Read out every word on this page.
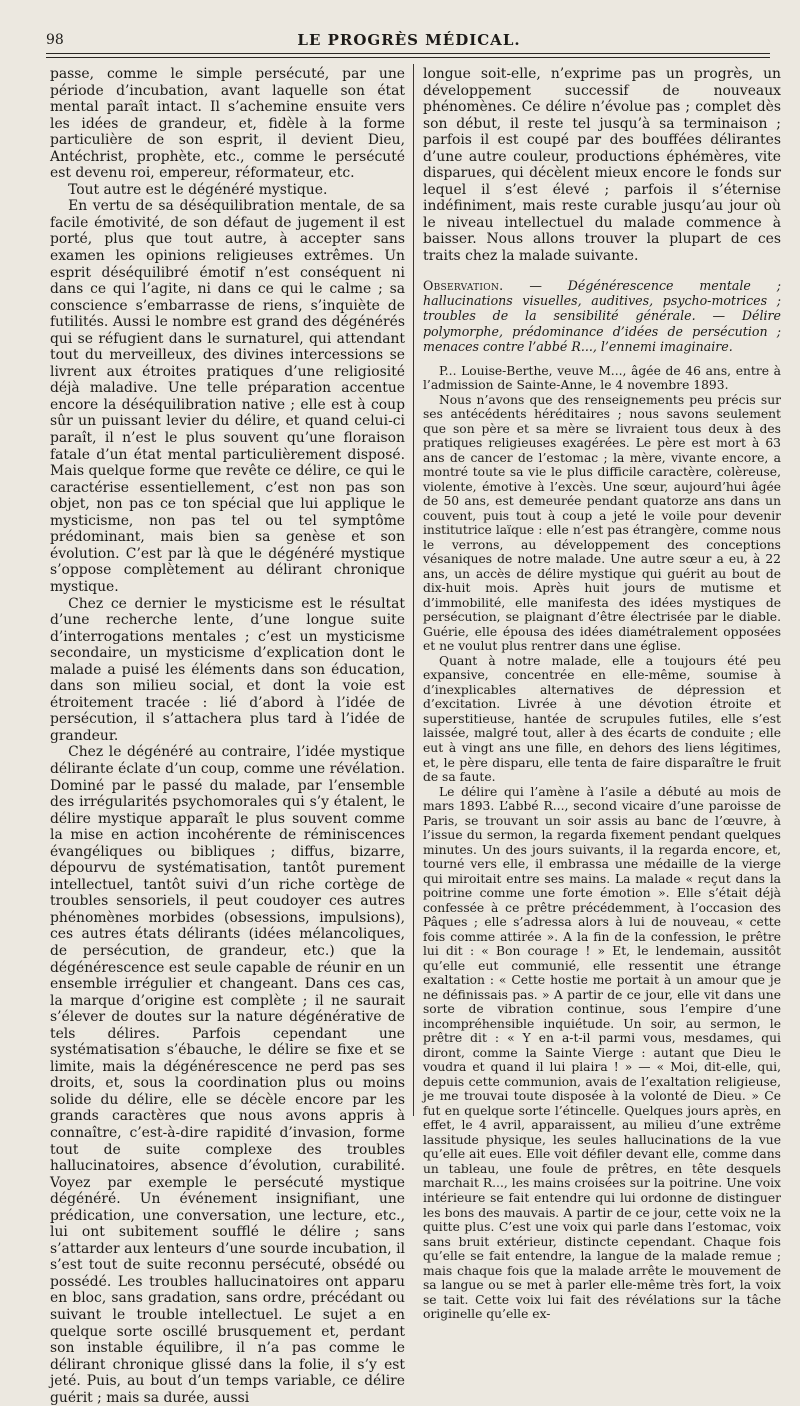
98	LE PROGRÈS MÉDICAL.

passe, comme le simple persécuté, par une période d’incubation, avant laquelle son état mental paraît intact. Il s’achemine ensuite vers les idées de grandeur, et, fidèle à la forme particulière de son esprit, il devient Dieu, Antéchrist, prophète, etc., comme le persécuté est devenu roi, empereur, réformateur, etc.

Tout autre est le dégénéré mystique.

En vertu de sa déséquilibration mentale, de sa facile émotivité, de son défaut de jugement il est porté, plus que tout autre, à accepter sans examen les opinions religieuses extrêmes. Un esprit déséquilibré émotif n’est conséquent ni dans ce qui l’agite, ni dans ce qui le calme ; sa conscience s’embarrasse de riens, s’inquiète de futilités. Aussi le nombre est grand des dégénérés qui se réfugient dans le surnaturel, qui attendant tout du merveilleux, des divines intercessions se livrent aux étroites pratiques d’une religiosité déjà maladive. Une telle préparation accentue encore la déséquilibration native ; elle est à coup sûr un puissant levier du délire, et quand celui-ci paraît, il n’est le plus souvent qu’une floraison fatale d’un état mental particulièrement disposé. Mais quelque forme que revête ce délire, ce qui le caractérise essentiellement, c’est non pas son objet, non pas ce ton spécial que lui applique le mysticisme, non pas tel ou tel symptôme prédominant, mais bien sa genèse et son évolution. C’est par là que le dégénéré mystique s’oppose complètement au délirant chronique mystique.

Chez ce dernier le mysticisme est le résultat d’une recherche lente, d’une longue suite d’interrogations mentales ; c’est un mysticisme secondaire, un mysticisme d’explication dont le malade a puisé les éléments dans son éducation, dans son milieu social, et dont la voie est étroitement tracée : lié d’abord à l’idée de persécution, il s’attachera plus tard à l’idée de grandeur.

Chez le dégénéré au contraire, l’idée mystique délirante éclate d’un coup, comme une révélation. Dominé par le passé du malade, par l’ensemble des irrégularités psychomorales qui s’y étalent, le délire mystique apparaît le plus souvent comme la mise en action incohérente de réminiscences évangéliques ou bibliques ; diffus, bizarre, dépourvu de systématisation, tantôt purement intellectuel, tantôt suivi d’un riche cortège de troubles sensoriels, il peut coudoyer ces autres phénomènes morbides (obsessions, impulsions), ces autres états délirants (idées mélancoliques, de persécution, de grandeur, etc.) que la dégénérescence est seule capable de réunir en un ensemble irrégulier et changeant. Dans ces cas, la marque d’origine est complète ; il ne saurait s’élever de doutes sur la nature dégénérative de tels délires. Parfois cependant une systématisation s’ébauche, le délire se fixe et se limite, mais la dégénérescence ne perd pas ses droits, et, sous la coordination plus ou moins solide du délire, elle se décèle encore par les grands caractères que nous avons appris à connaître, c’est-à-dire rapidité d’invasion, forme tout de suite complexe des troubles hallucinatoires, absence d’évolution, curabilité. Voyez par exemple le persécuté mystique dégénéré. Un événement insignifiant, une prédication, une conversation, une lecture, etc., lui ont subitement soufflé le délire ; sans s’attarder aux lenteurs d’une sourde incubation, il s’est tout de suite reconnu persécuté, obsédé ou possédé. Les troubles hallucinatoires ont apparu en bloc, sans gradation, sans ordre, précédant ou suivant le trouble intellectuel. Le sujet a en quelque sorte oscillé brusquement et, perdant son instable équilibre, il n’a pas comme le délirant chronique glissé dans la folie, il s’y est jeté. Puis, au bout d’un temps variable, ce délire guérit ; mais sa durée, aussi

longue soit-elle, n’exprime pas un progrès, un développement successif de nouveaux phénomènes. Ce délire n’évolue pas ; complet dès son début, il reste tel jusqu’à sa terminaison ; parfois il est coupé par des bouffées délirantes d’une autre couleur, productions éphémères, vite disparues, qui décèlent mieux encore le fonds sur lequel il s’est élevé ; parfois il s’éternise indéfiniment, mais reste curable jusqu’au jour où le niveau intellectuel du malade commence à baisser. Nous allons trouver la plupart de ces traits chez la malade suivante.

Observation. — Dégénérescence mentale ; hallucinations visuelles, auditives, psycho-motrices ; troubles de la sensibilité générale. — Délire polymorphe, prédominance d’idées de persécution ; menaces contre l’abbé R..., l’ennemi imaginaire.

P... Louise-Berthe, veuve M..., âgée de 46 ans, entre à l’admission de Sainte-Anne, le 4 novembre 1893.

Nous n’avons que des renseignements peu précis sur ses antécédents héréditaires ; nous savons seulement que son père et sa mère se livraient tous deux à des pratiques religieuses exagérées. Le père est mort à 63 ans de cancer de l’estomac ; la mère, vivante encore, a montré toute sa vie le plus difficile caractère, colèreuse, violente, émotive à l’excès. Une sœur, aujourd’hui âgée de 50 ans, est demeurée pendant quatorze ans dans un couvent, puis tout à coup a jeté le voile pour devenir institutrice laïque : elle n’est pas étrangère, comme nous le verrons, au développement des conceptions vésaniques de notre malade. Une autre sœur a eu, à 22 ans, un accès de délire mystique qui guérit au bout de dix-huit mois. Après huit jours de mutisme et d’immobilité, elle manifesta des idées mystiques de persécution, se plaignant d’être électrisée par le diable. Guérie, elle épousa des idées diamétralement opposées et ne voulut plus rentrer dans une église.

Quant à notre malade, elle a toujours été peu expansive, concentrée en elle-même, soumise à d’inexplicables alternatives de dépression et d’excitation. Livrée à une dévotion étroite et superstitieuse, hantée de scrupules futiles, elle s’est laissée, malgré tout, aller à des écarts de conduite ; elle eut à vingt ans une fille, en dehors des liens légitimes, et, le père disparu, elle tenta de faire disparaître le fruit de sa faute.

Le délire qui l’amène à l’asile a débuté au mois de mars 1893. L’abbé R..., second vicaire d’une paroisse de Paris, se trouvant un soir assis au banc de l’œuvre, à l’issue du sermon, la regarda fixement pendant quelques minutes. Un des jours suivants, il la regarda encore, et, tourné vers elle, il embrassa une médaille de la vierge qui miroitait entre ses mains. La malade « reçut dans la poitrine comme une forte émotion ». Elle s’était déjà confessée à ce prêtre précédemment, à l’occasion des Pâques ; elle s’adressa alors à lui de nouveau, « cette fois comme attirée ». A la fin de la confession, le prêtre lui dit : « Bon courage ! » Et, le lendemain, aussitôt qu’elle eut communié, elle ressentit une étrange exaltation : « Cette hostie me portait à un amour que je ne définissais pas. » A partir de ce jour, elle vit dans une sorte de vibration continue, sous l’empire d’une incompréhensible inquiétude. Un soir, au sermon, le prêtre dit : « Y en a-t-il parmi vous, mesdames, qui diront, comme la Sainte Vierge : autant que Dieu le voudra et quand il lui plaira ! » — « Moi, dit-elle, qui, depuis cette communion, avais de l’exaltation religieuse, je me trouvai toute disposée à la volonté de Dieu. » Ce fut en quelque sorte l’étincelle. Quelques jours après, en effet, le 4 avril, apparaissent, au milieu d’une extrême lassitude physique, les seules hallucinations de la vue qu’elle ait eues. Elle voit défiler devant elle, comme dans un tableau, une foule de prêtres, en tête desquels marchait R..., les mains croisées sur la poitrine. Une voix intérieure se fait entendre qui lui ordonne de distinguer les bons des mauvais. A partir de ce jour, cette voix ne la quitte plus. C’est une voix qui parle dans l’estomac, voix sans bruit extérieur, distincte cependant. Chaque fois qu’elle se fait entendre, la langue de la malade remue ; mais chaque fois que la malade arrête le mouvement de sa langue ou se met à parler elle-même très fort, la voix se tait. Cette voix lui fait des révélations sur la tâche originelle qu’elle ex-
